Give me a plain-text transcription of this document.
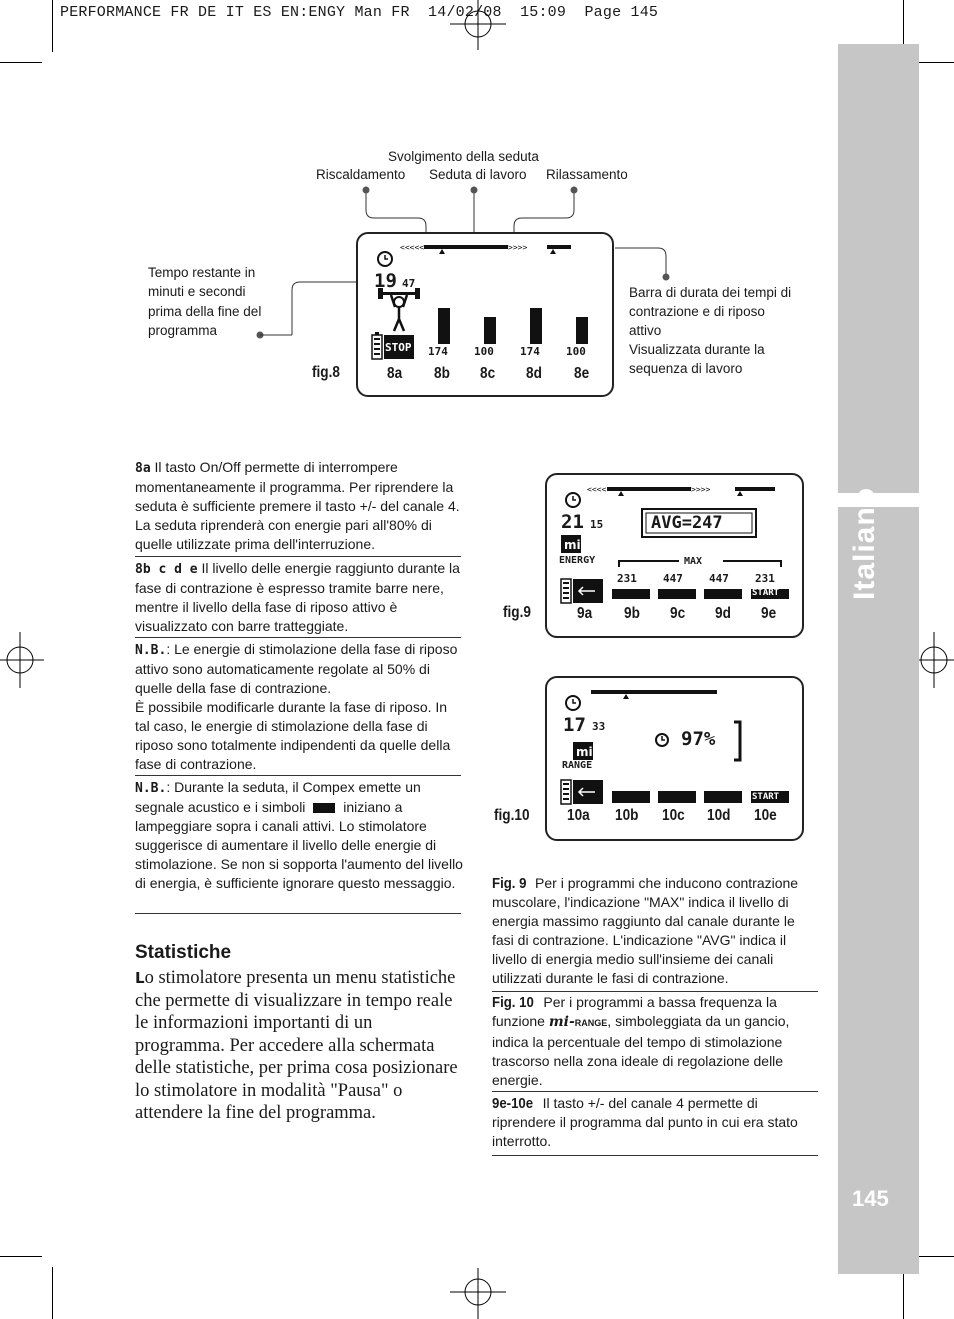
PERFORMANCE FR DE IT ES EN:ENGY Man FR  14/02/08  15:09  Page 145
Italiano
145
Svolgimento della seduta
Riscaldamento Seduta di lavoro Rilassamento
Tempo restante in
minuti e secondi
prima della fine del
programma
Barra di durata dei tempi di
contrazione e di riposo
attivo
Visualizzata durante la
sequenza di lavoro
<<<<<	>>>>
19 47
STOP 174 100 174 100
8a 8b 8c 8d 8e
fig.8
8a Il tasto On/Off permette di interrompere momentaneamente il programma. Per riprendere la seduta è sufficiente premere il tasto +/- del canale 4. La seduta riprenderà con energie pari all'80% di quelle utilizzate prima dell'interruzione.
8b c d e Il livello delle energie raggiunto durante la fase di contrazione è espresso tramite barre nere, mentre il livello della fase di riposo attivo è visualizzato con barre tratteggiate.
N.B.: Le energie di stimolazione della fase di riposo attivo sono automaticamente regolate al 50% di quelle della fase di contrazione.
È possibile modificarle durante la fase di riposo. In tal caso, le energie di stimolazione della fase di riposo sono totalmente indipendenti da quelle della fase di contrazione.
N.B.: Durante la seduta, il Compex emette un segnale acustico e i simboli  iniziano a lampeggiare sopra i canali attivi. Lo stimolatore suggerisce di aumentare il livello delle energie di stimolazione. Se non si sopporta l'aumento del livello di energia, è sufficiente ignorare questo messaggio.
Statistiche
Lo stimolatore presenta un menu statistiche che permette di visualizzare in tempo reale le informazioni importanti di un programma. Per accedere alla schermata delle statistiche, per prima cosa posizionare lo stimolatore in modalità "Pausa" o attendere la fine del programma.
<<<<	>>>>
mi
21 15	AVG=247
ENERGY	MAX
231 447 447 231
START
9a 9b 9c 9d 9e
fig.9
mi
17 33
97%
RANGE
START
10a 10b 10c 10d 10e
fig.10
Fig. 9 Per i programmi che inducono contrazione muscolare, l'indicazione "MAX" indica il livello di energia massimo raggiunto dal canale durante le fasi di contrazione. L'indicazione "AVG" indica il livello di energia medio sull'insieme dei canali utilizzati durante le fasi di contrazione.
Fig. 10 Per i programmi a bassa frequenza la funzione mi-RANGE, simboleggiata da un gancio, indica la percentuale del tempo di stimolazione trascorso nella zona ideale di regolazione delle energie.
9e-10e Il tasto +/- del canale 4 permette di riprendere il programma dal punto in cui era stato interrotto.
